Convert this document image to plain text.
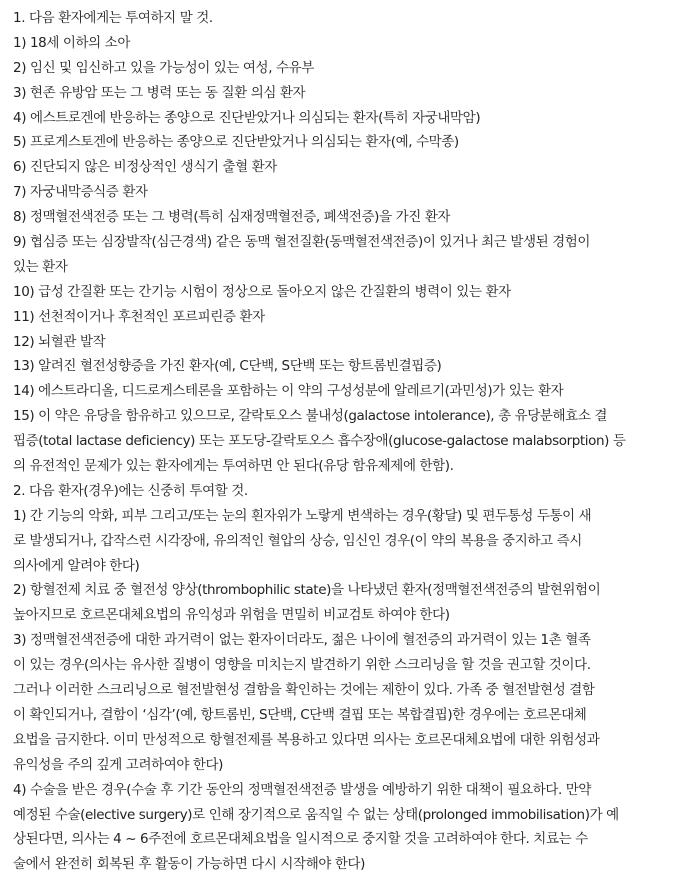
1. 다음 환자에게는 투여하지 말 것.
1) 18세 이하의 소아
2) 임신 및 임신하고 있을 가능성이 있는 여성, 수유부
3) 현존 유방암 또는 그 병력 또는 동 질환 의심 환자
4) 에스트로겐에 반응하는 종양으로 진단받았거나 의심되는 환자(특히 자궁내막암)
5) 프로게스토겐에 반응하는 종양으로 진단받았거나 의심되는 환자(예, 수막종)
6) 진단되지 않은 비정상적인 생식기 출혈 환자
7) 자궁내막증식증 환자
8) 정맥혈전색전증 또는 그 병력(특히 심재정맥혈전증, 폐색전증)을 가진 환자
9) 협심증 또는 심장발작(심근경색) 같은 동맥 혈전질환(동맥혈전색전증)이 있거나 최근 발생된 경험이
있는 환자
10) 급성 간질환 또는 간기능 시험이 정상으로 돌아오지 않은 간질환의 병력이 있는 환자
11) 선천적이거나 후천적인 포르피린증 환자
12) 뇌혈관 발작
13) 알려진 혈전성향증을 가진 환자(예, C단백, S단백 또는 항트롬빈결핍증)
14) 에스트라디올, 디드로게스테론을 포함하는 이 약의 구성성분에 알레르기(과민성)가 있는 환자
15) 이 약은 유당을 함유하고 있으므로, 갈락토오스 불내성(galactose intolerance), 총 유당분해효소 결
핍증(total lactase deficiency) 또는 포도당-갈락토오스 흡수장애(glucose-galactose malabsorption) 등
의 유전적인 문제가 있는 환자에게는 투여하면 안 된다(유당 함유제제에 한함).
2. 다음 환자(경우)에는 신중히 투여할 것.
1) 간 기능의 악화, 피부 그리고/또는 눈의 흰자위가 노랗게 변색하는 경우(황달) 및 편두통성 두통이 새
로 발생되거나, 갑작스런 시각장애, 유의적인 혈압의 상승, 임신인 경우(이 약의 복용을 중지하고 즉시
의사에게 알려야 한다)
2) 항혈전제 치료 중 혈전성 양상(thrombophilic state)을 나타냈던 환자(정맥혈전색전증의 발현위험이
높아지므로 호르몬대체요법의 유익성과 위험을 면밀히 비교검토 하여야 한다)
3) 정맥혈전색전증에 대한 과거력이 없는 환자이더라도, 젊은 나이에 혈전증의 과거력이 있는 1촌 혈족
이 있는 경우(의사는 유사한 질병이 영향을 미치는지 발견하기 위한 스크리닝을 할 것을 권고할 것이다.
그러나 이러한 스크리닝으로 혈전발현성 결함을 확인하는 것에는 제한이 있다. 가족 중 혈전발현성 결함
이 확인되거나, 결함이 ‘심각’(예, 항트롬빈, S단백, C단백 결핍 또는 복합결핍)한 경우에는 호르몬대체
요법을 금지한다. 이미 만성적으로 항혈전제를 복용하고 있다면 의사는 호르몬대체요법에 대한 위험성과
유익성을 주의 깊게 고려하여야 한다)
4) 수술을 받은 경우(수술 후 기간 동안의 정맥혈전색전증 발생을 예방하기 위한 대책이 필요하다. 만약
예정된 수술(elective surgery)로 인해 장기적으로 움직일 수 없는 상태(prolonged immobilisation)가 예
상된다면, 의사는 4 ~ 6주전에 호르몬대체요법을 일시적으로 중지할 것을 고려하여야 한다. 치료는 수
술에서 완전히 회복된 후 활동이 가능하면 다시 시작해야 한다)
